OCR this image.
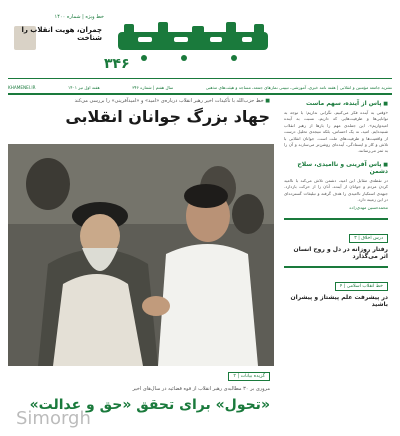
خط ویژه | شماره ۱۴۰۰
چمران، هویت انقلاب را شناخت
۳۴۶
نشریه جامعه مؤمنین و انقلابی | هفته نامه خبری، آموزشی، تبیینی نمازهای جمعه، مساجد و هیئت‌های مذهبی
سال هفتم | شماره ۳۴۶
هفته اول تیر ۱۴۰۱
KHAMENEI.IR
■ پاس از آینده، سهم ماست
«وقتی به آینده فکر می‌کنیم، نگرانی نداریم؛ با توجه به توانایی‌ها و ظرفیت‌هایی که داریم، نسبت به آینده امیدواریم». این جمله‌ی مهم را بارها از رهبر انقلاب شنیده‌ایم. امید، نه یک احساس، بلکه نتیجه‌ی تحلیل درست از واقعیت‌ها و ظرفیت‌های ملت است. جوانان انقلابی با تلاش و کار و ایستادگی، آینده‌ای روشن‌تر می‌سازند و آن را به ثمر می‌رسانند.
■ پاس آفرینی و ناامیدی، سلاح دشمن
در نقطه‌ی مقابل این امید، دشمن تلاش می‌کند با ناامید کردن مردم و جوانان از آینده، آنان را از حرکت بازدارد. جبهه‌ی استکبار ناامیدی را هدف گرفته و تبلیغات گسترده‌ای در این زمینه دارد.
محمدحسین مهدی‌زاده
درس اخلاق | ۳
رفتار روزانه در دل و روح انسان اثر می‌گذارد
خط انقلاب اسلامی | ۴
در پیشرفت علم پیشتاز و پیشران باشید
■ خط حزب‌الله با تأکیدات اخیر رهبر انقلاب درباره‌ی «امید» و «امیدآفرینی» را بررسی می‌کند
جهاد بزرگ جوانان انقلابی
گزیده بیانات | ۲
مروری بر ۳۰ مطالبه‌ی رهبر انقلاب از قوه قضائیه در سال‌های اخیر
«تحول» برای تحقق «حق و عدالت»
Simorgh
